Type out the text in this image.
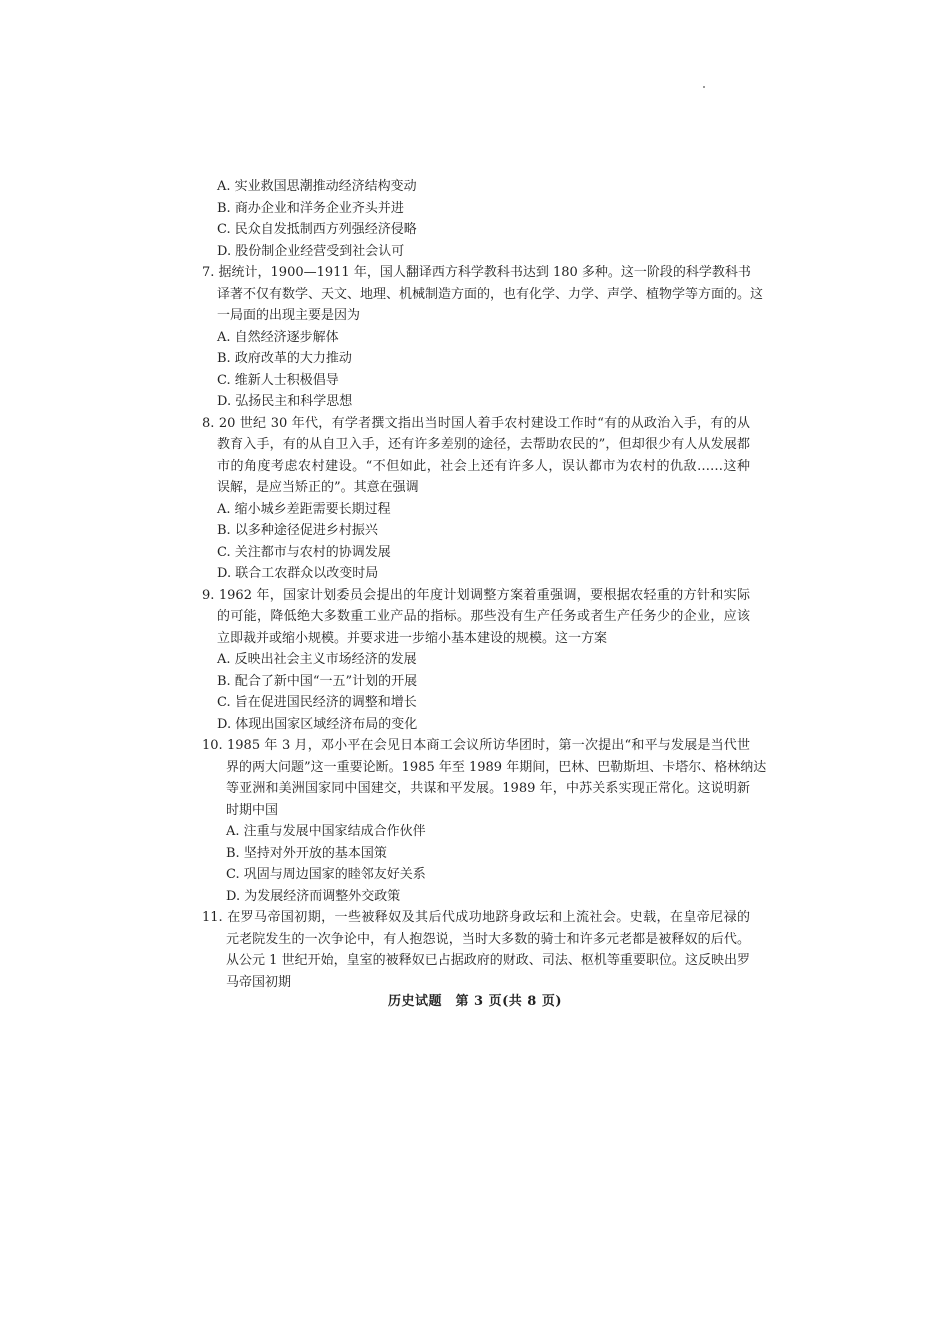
A. 实业救国思潮推动经济结构变动
B. 商办企业和洋务企业齐头并进
C. 民众自发抵制西方列强经济侵略
D. 股份制企业经营受到社会认可
7. 据统计，1900—1911 年，国人翻译西方科学教科书达到 180 多种。这一阶段的科学教科书
译著不仅有数学、天文、地理、机械制造方面的，也有化学、力学、声学、植物学等方面的。这
一局面的出现主要是因为
A. 自然经济逐步解体
B. 政府改革的大力推动
C. 维新人士积极倡导
D. 弘扬民主和科学思想
8. 20 世纪 30 年代，有学者撰文指出当时国人着手农村建设工作时“有的从政治入手，有的从
教育入手，有的从自卫入手，还有许多差别的途径，去帮助农民的”，但却很少有人从发展都
市的角度考虑农村建设。“不但如此，社会上还有许多人，误认都市为农村的仇敌……这种
误解，是应当矫正的”。其意在强调
A. 缩小城乡差距需要长期过程
B. 以多种途径促进乡村振兴
C. 关注都市与农村的协调发展
D. 联合工农群众以改变时局
9. 1962 年，国家计划委员会提出的年度计划调整方案着重强调，要根据农轻重的方针和实际
的可能，降低绝大多数重工业产品的指标。那些没有生产任务或者生产任务少的企业，应该
立即裁并或缩小规模。并要求进一步缩小基本建设的规模。这一方案
A. 反映出社会主义市场经济的发展
B. 配合了新中国“一五”计划的开展
C. 旨在促进国民经济的调整和增长
D. 体现出国家区域经济布局的变化
10. 1985 年 3 月，邓小平在会见日本商工会议所访华团时，第一次提出“和平与发展是当代世
界的两大问题”这一重要论断。1985 年至 1989 年期间，巴林、巴勒斯坦、卡塔尔、格林纳达
等亚洲和美洲国家同中国建交，共谋和平发展。1989 年，中苏关系实现正常化。这说明新
时期中国
A. 注重与发展中国家结成合作伙伴
B. 坚持对外开放的基本国策
C. 巩固与周边国家的睦邻友好关系
D. 为发展经济而调整外交政策
11. 在罗马帝国初期，一些被释奴及其后代成功地跻身政坛和上流社会。史载，在皇帝尼禄的
元老院发生的一次争论中，有人抱怨说，当时大多数的骑士和许多元老都是被释奴的后代。
从公元 1 世纪开始，皇室的被释奴已占据政府的财政、司法、枢机等重要职位。这反映出罗
马帝国初期
历史试题　第 3 页(共 8 页)
